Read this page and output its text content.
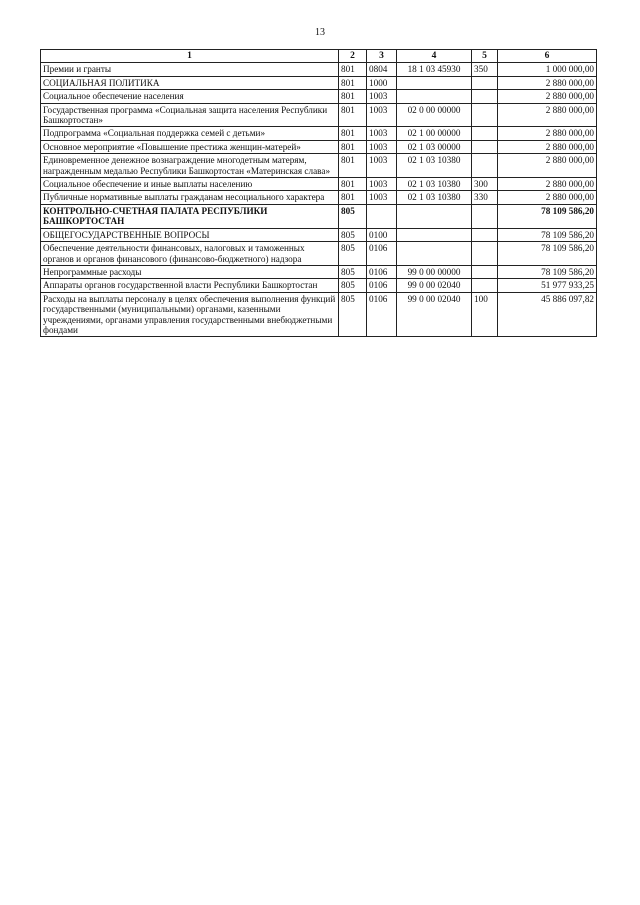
13
1	2	3	4	5	6
Премии и гранты	801	0804	18 1 03 45930	350	1 000 000,00
СОЦИАЛЬНАЯ ПОЛИТИКА	801	1000			2 880 000,00
Социальное обеспечение населения	801	1003			2 880 000,00
Государственная программа «Социальная защита населения Республики Башкортостан»	801	1003	02 0 00 00000		2 880 000,00
Подпрограмма «Социальная поддержка семей с детьми»	801	1003	02 1 00 00000		2 880 000,00
Основное мероприятие «Повышение престижа женщин-матерей»	801	1003	02 1 03 00000		2 880 000,00
Единовременное денежное вознаграждение многодетным матерям, награжденным медалью Республики Башкортостан «Материнская слава»	801	1003	02 1 03 10380		2 880 000,00
Социальное обеспечение и иные выплаты населению	801	1003	02 1 03 10380	300	2 880 000,00
Публичные нормативные выплаты гражданам несоциального характера	801	1003	02 1 03 10380	330	2 880 000,00
КОНТРОЛЬНО-СЧЕТНАЯ ПАЛАТА РЕСПУБЛИКИ БАШКОРТОСТАН	805				78 109 586,20
ОБЩЕГОСУДАРСТВЕННЫЕ ВОПРОСЫ	805	0100			78 109 586,20
Обеспечение деятельности финансовых, налоговых и таможенных органов и органов финансового (финансово-бюджетного) надзора	805	0106			78 109 586,20
Непрограммные расходы	805	0106	99 0 00 00000		78 109 586,20
Аппараты органов государственной власти Республики Башкортостан	805	0106	99 0 00 02040		51 977 933,25
Расходы на выплаты персоналу в целях обеспечения выполнения функций государственными (муниципальными) органами, казенными учреждениями, органами управления государственными внебюджетными фондами	805	0106	99 0 00 02040	100	45 886 097,82
